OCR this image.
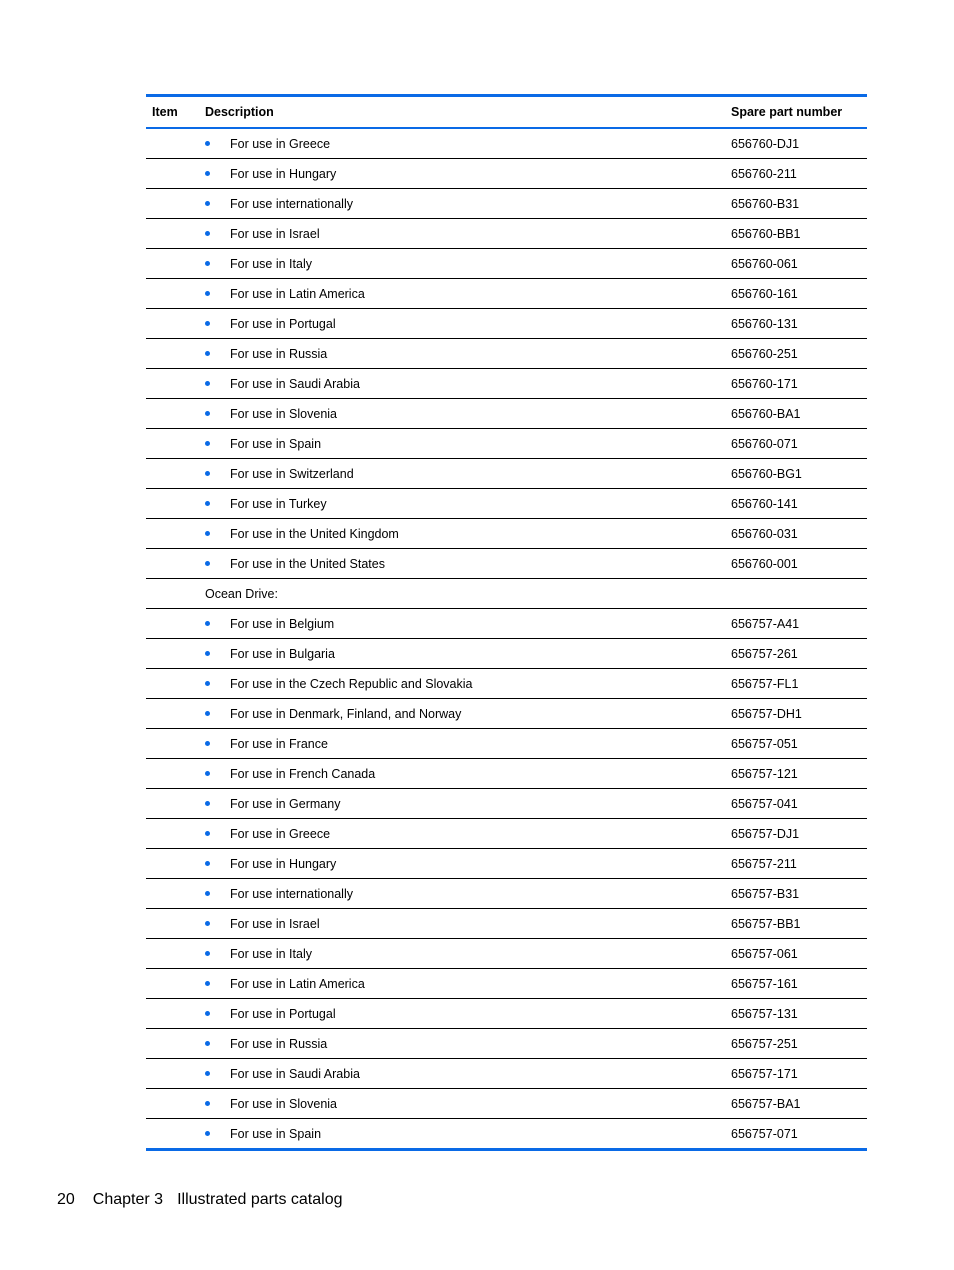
Item	Description	Spare part number
	For use in Greece	656760-DJ1
	For use in Hungary	656760-211
	For use internationally	656760-B31
	For use in Israel	656760-BB1
	For use in Italy	656760-061
	For use in Latin America	656760-161
	For use in Portugal	656760-131
	For use in Russia	656760-251
	For use in Saudi Arabia	656760-171
	For use in Slovenia	656760-BA1
	For use in Spain	656760-071
	For use in Switzerland	656760-BG1
	For use in Turkey	656760-141
	For use in the United Kingdom	656760-031
	For use in the United States	656760-001
	Ocean Drive:	
	For use in Belgium	656757-A41
	For use in Bulgaria	656757-261
	For use in the Czech Republic and Slovakia	656757-FL1
	For use in Denmark, Finland, and Norway	656757-DH1
	For use in France	656757-051
	For use in French Canada	656757-121
	For use in Germany	656757-041
	For use in Greece	656757-DJ1
	For use in Hungary	656757-211
	For use internationally	656757-B31
	For use in Israel	656757-BB1
	For use in Italy	656757-061
	For use in Latin America	656757-161
	For use in Portugal	656757-131
	For use in Russia	656757-251
	For use in Saudi Arabia	656757-171
	For use in Slovenia	656757-BA1
	For use in Spain	656757-071
20 Chapter 3 Illustrated parts catalog
